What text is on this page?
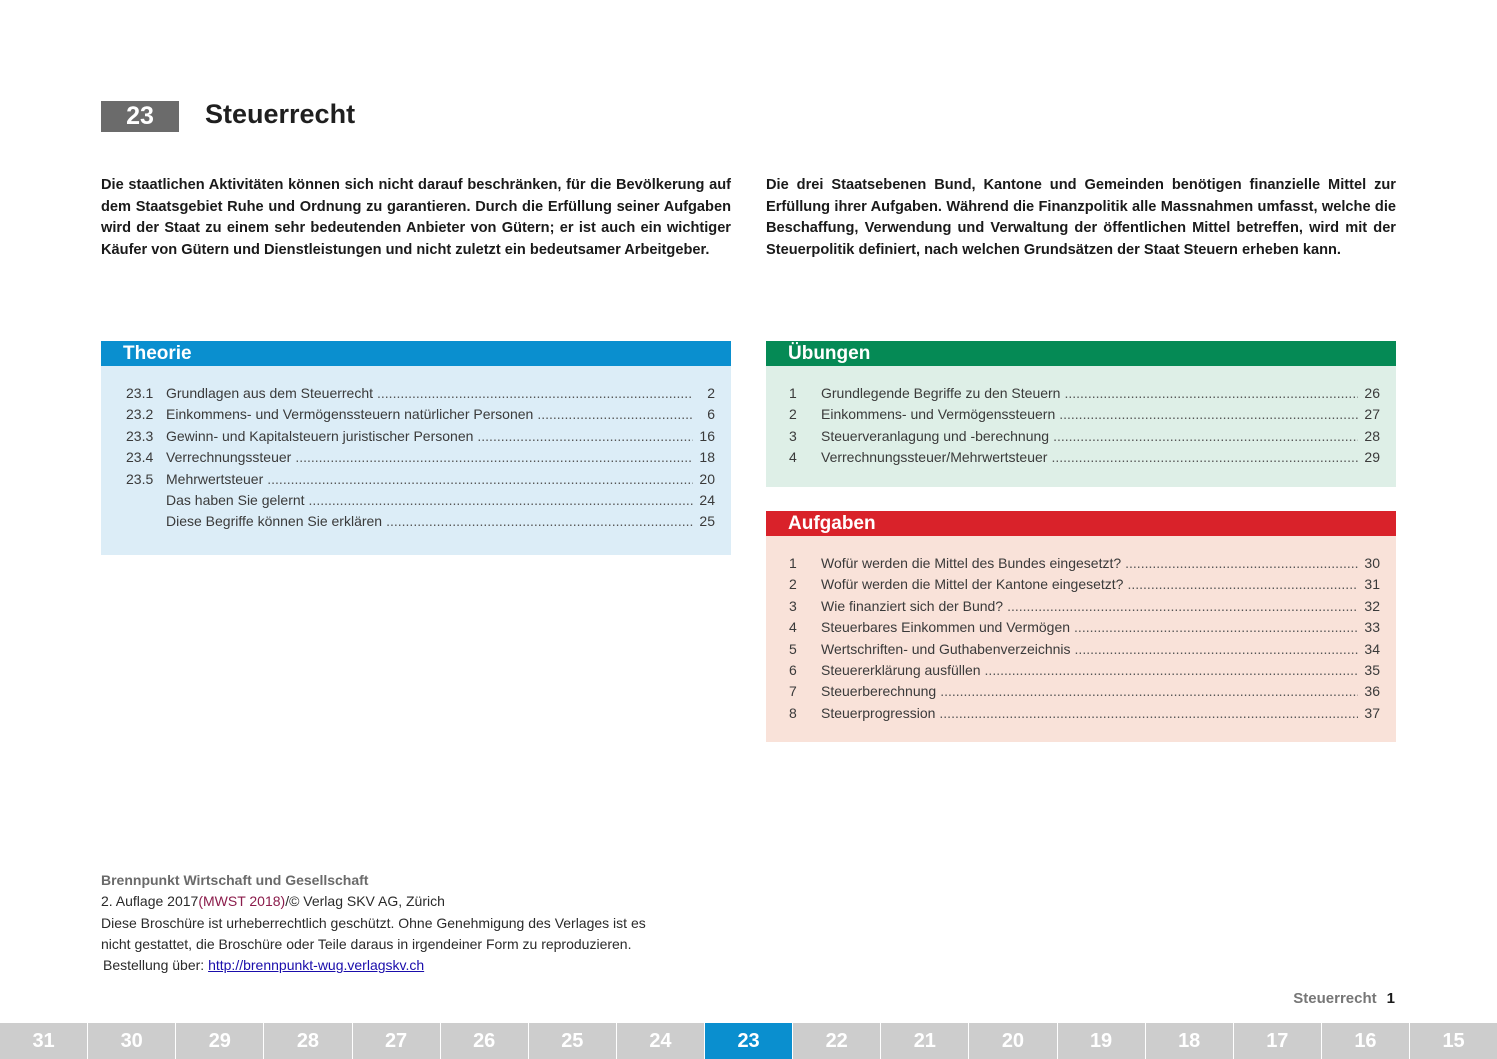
23	Steuerrecht
Die staatlichen Aktivitäten können sich nicht darauf beschränken, für die Bevölkerung auf dem Staatsgebiet Ruhe und Ordnung zu garantieren. Durch die Erfüllung seiner Aufgaben wird der Staat zu einem sehr bedeutenden Anbieter von Gütern; er ist auch ein wichtiger Käufer von Gütern und Dienstleistungen und nicht zuletzt ein bedeutsamer Arbeitgeber.
Die drei Staatsebenen Bund, Kantone und Gemeinden benötigen finanzielle Mittel zur Erfüllung ihrer Aufgaben. Während die Finanzpolitik alle Massnahmen umfasst, welche die Beschaffung, Verwendung und Verwaltung der öffentlichen Mittel betreffen, wird mit der Steuerpolitik definiert, nach welchen Grundsätzen der Staat Steuern erheben kann.
Theorie
23.1 Grundlagen aus dem Steuerrecht .....	2
23.2 Einkommens- und Vermögenssteuern natürlicher Personen .....	6
23.3 Gewinn- und Kapitalsteuern juristischer Personen .....	16
23.4 Verrechnungssteuer .....	18
23.5 Mehrwertsteuer .....	20
Das haben Sie gelernt .....	24
Diese Begriffe können Sie erklären .....	25
Übungen
1	Grundlegende Begriffe zu den Steuern .....	26
2	Einkommens- und Vermögenssteuern .....	27
3	Steuerveranlagung und -berechnung .....	28
4	Verrechnungssteuer/Mehrwertsteuer .....	29
Aufgaben
1	Wofür werden die Mittel des Bundes eingesetzt? .....	30
2	Wofür werden die Mittel der Kantone eingesetzt? .....	31
3	Wie finanziert sich der Bund? .....	32
4	Steuerbares Einkommen und Vermögen .....	33
5	Wertschriften- und Guthabenverzeichnis .....	34
6	Steuererklärung ausfüllen .....	35
7	Steuerberechnung .....	36
8	Steuerprogression .....	37
Brennpunkt Wirtschaft und Gesellschaft
2. Auflage 2017(MWST 2018)/© Verlag SKV AG, Zürich
Diese Broschüre ist urheberrechtlich geschützt. Ohne Genehmigung des Verlages ist es
nicht gestattet, die Broschüre oder Teile daraus in irgendeiner Form zu reproduzieren.
Bestellung über: http://brennpunkt-wug.verlagskv.ch
Steuerrecht 1
31	30	29	28	27	26	25	24	23	22	21	20	19	18	17	16	15
